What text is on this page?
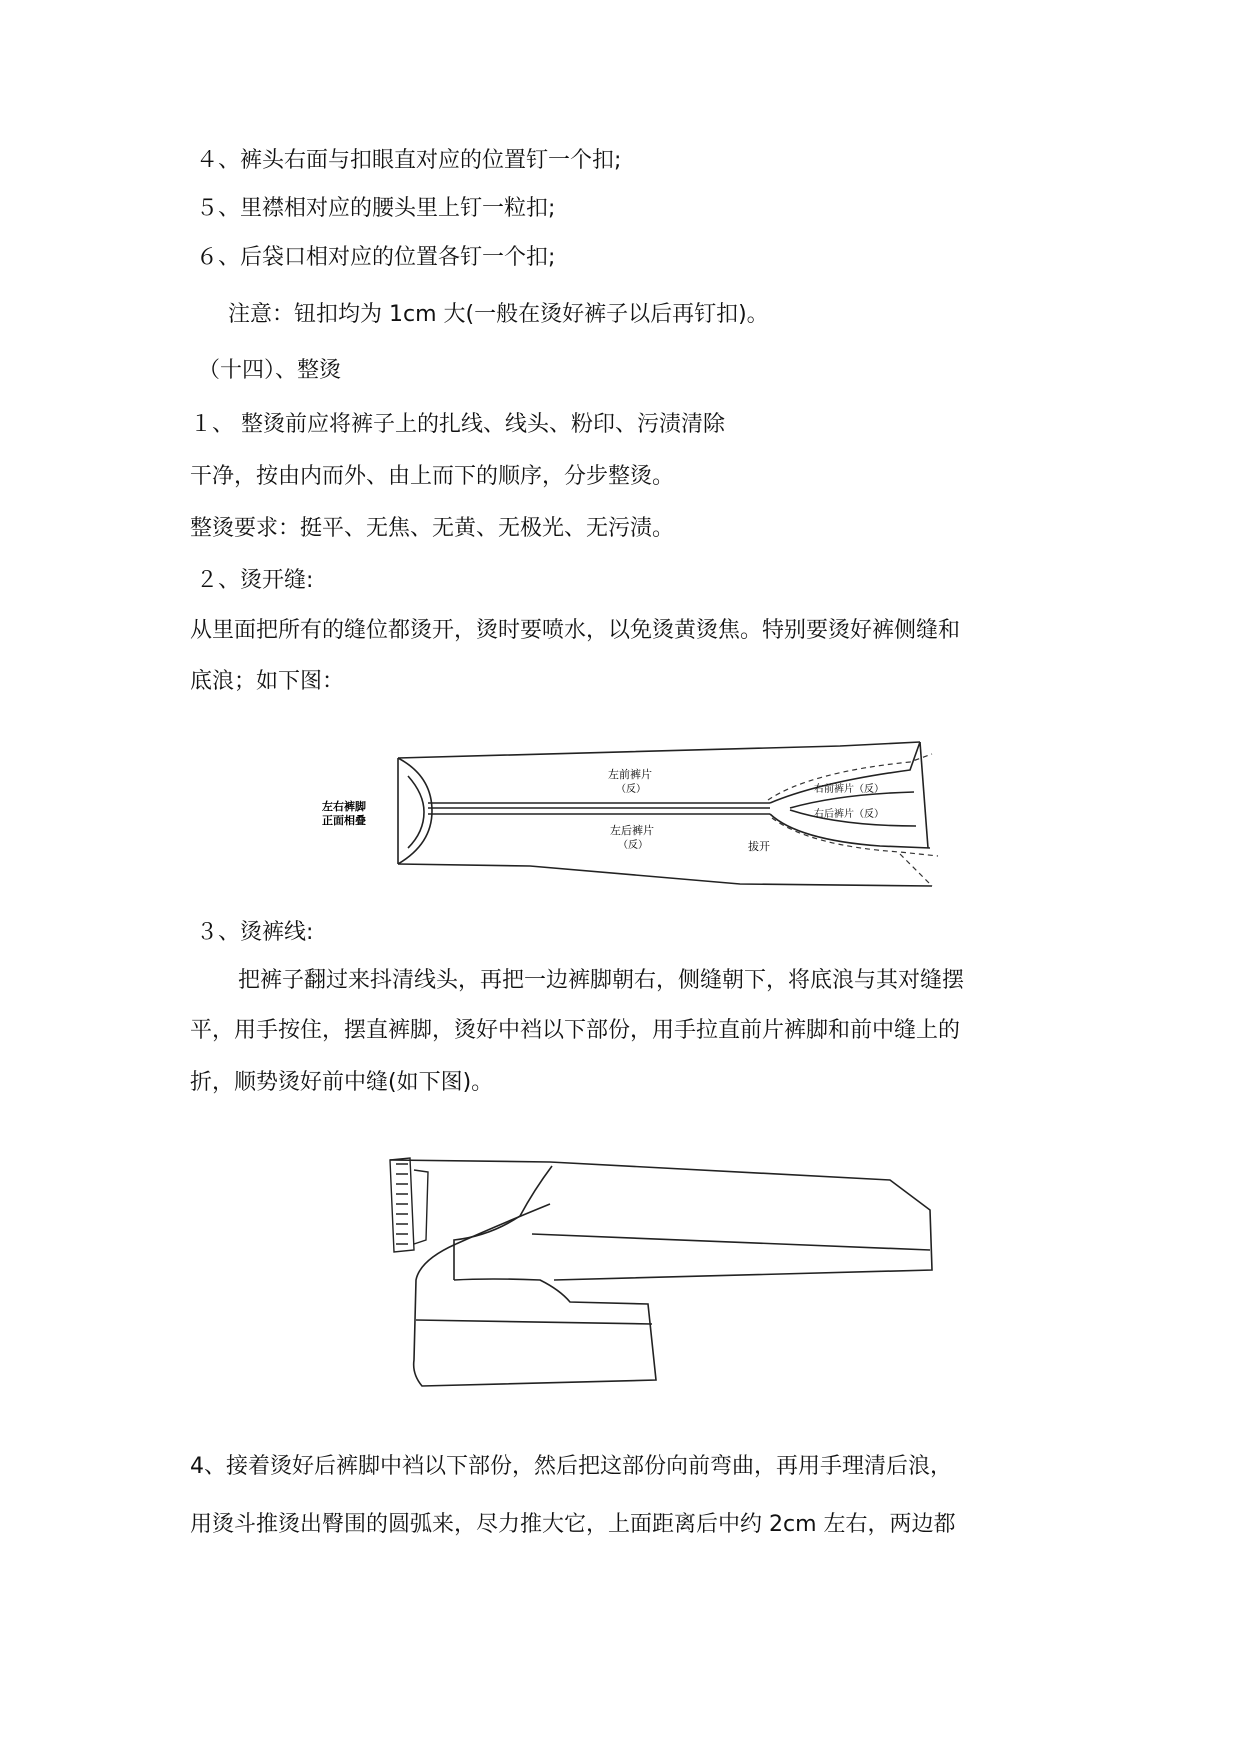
４、裤头右面与扣眼直对应的位置钉一个扣;
５、里襟相对应的腰头里上钉一粒扣;
６、后袋口相对应的位置各钉一个扣;
注意：钮扣均为 1cm 大(一般在烫好裤子以后再钉扣)。
（十四）、整烫
１、 整烫前应将裤子上的扎线、线头、粉印、污渍清除
干净，按由内而外、由上而下的顺序，分步整烫。
整烫要求：挺平、无焦、无黄、无极光、无污渍。
２、烫开缝:
从里面把所有的缝位都烫开，烫时要喷水，以免烫黄烫焦。特别要烫好裤侧缝和
底浪；如下图：
左右裤脚
正面相叠
左前裤片
（反）
左后裤片
（反）
右前裤片（反）
右后裤片（反）
拔开
３、烫裤线:
把裤子翻过来抖清线头，再把一边裤脚朝右，侧缝朝下，将底浪与其对缝摆
平，用手按住，摆直裤脚，烫好中裆以下部份，用手拉直前片裤脚和前中缝上的
折，顺势烫好前中缝(如下图)。
4、接着烫好后裤脚中裆以下部份，然后把这部份向前弯曲，再用手理清后浪，
用烫斗推烫出臀围的圆弧来，尽力推大它，上面距离后中约 2cm 左右，两边都
